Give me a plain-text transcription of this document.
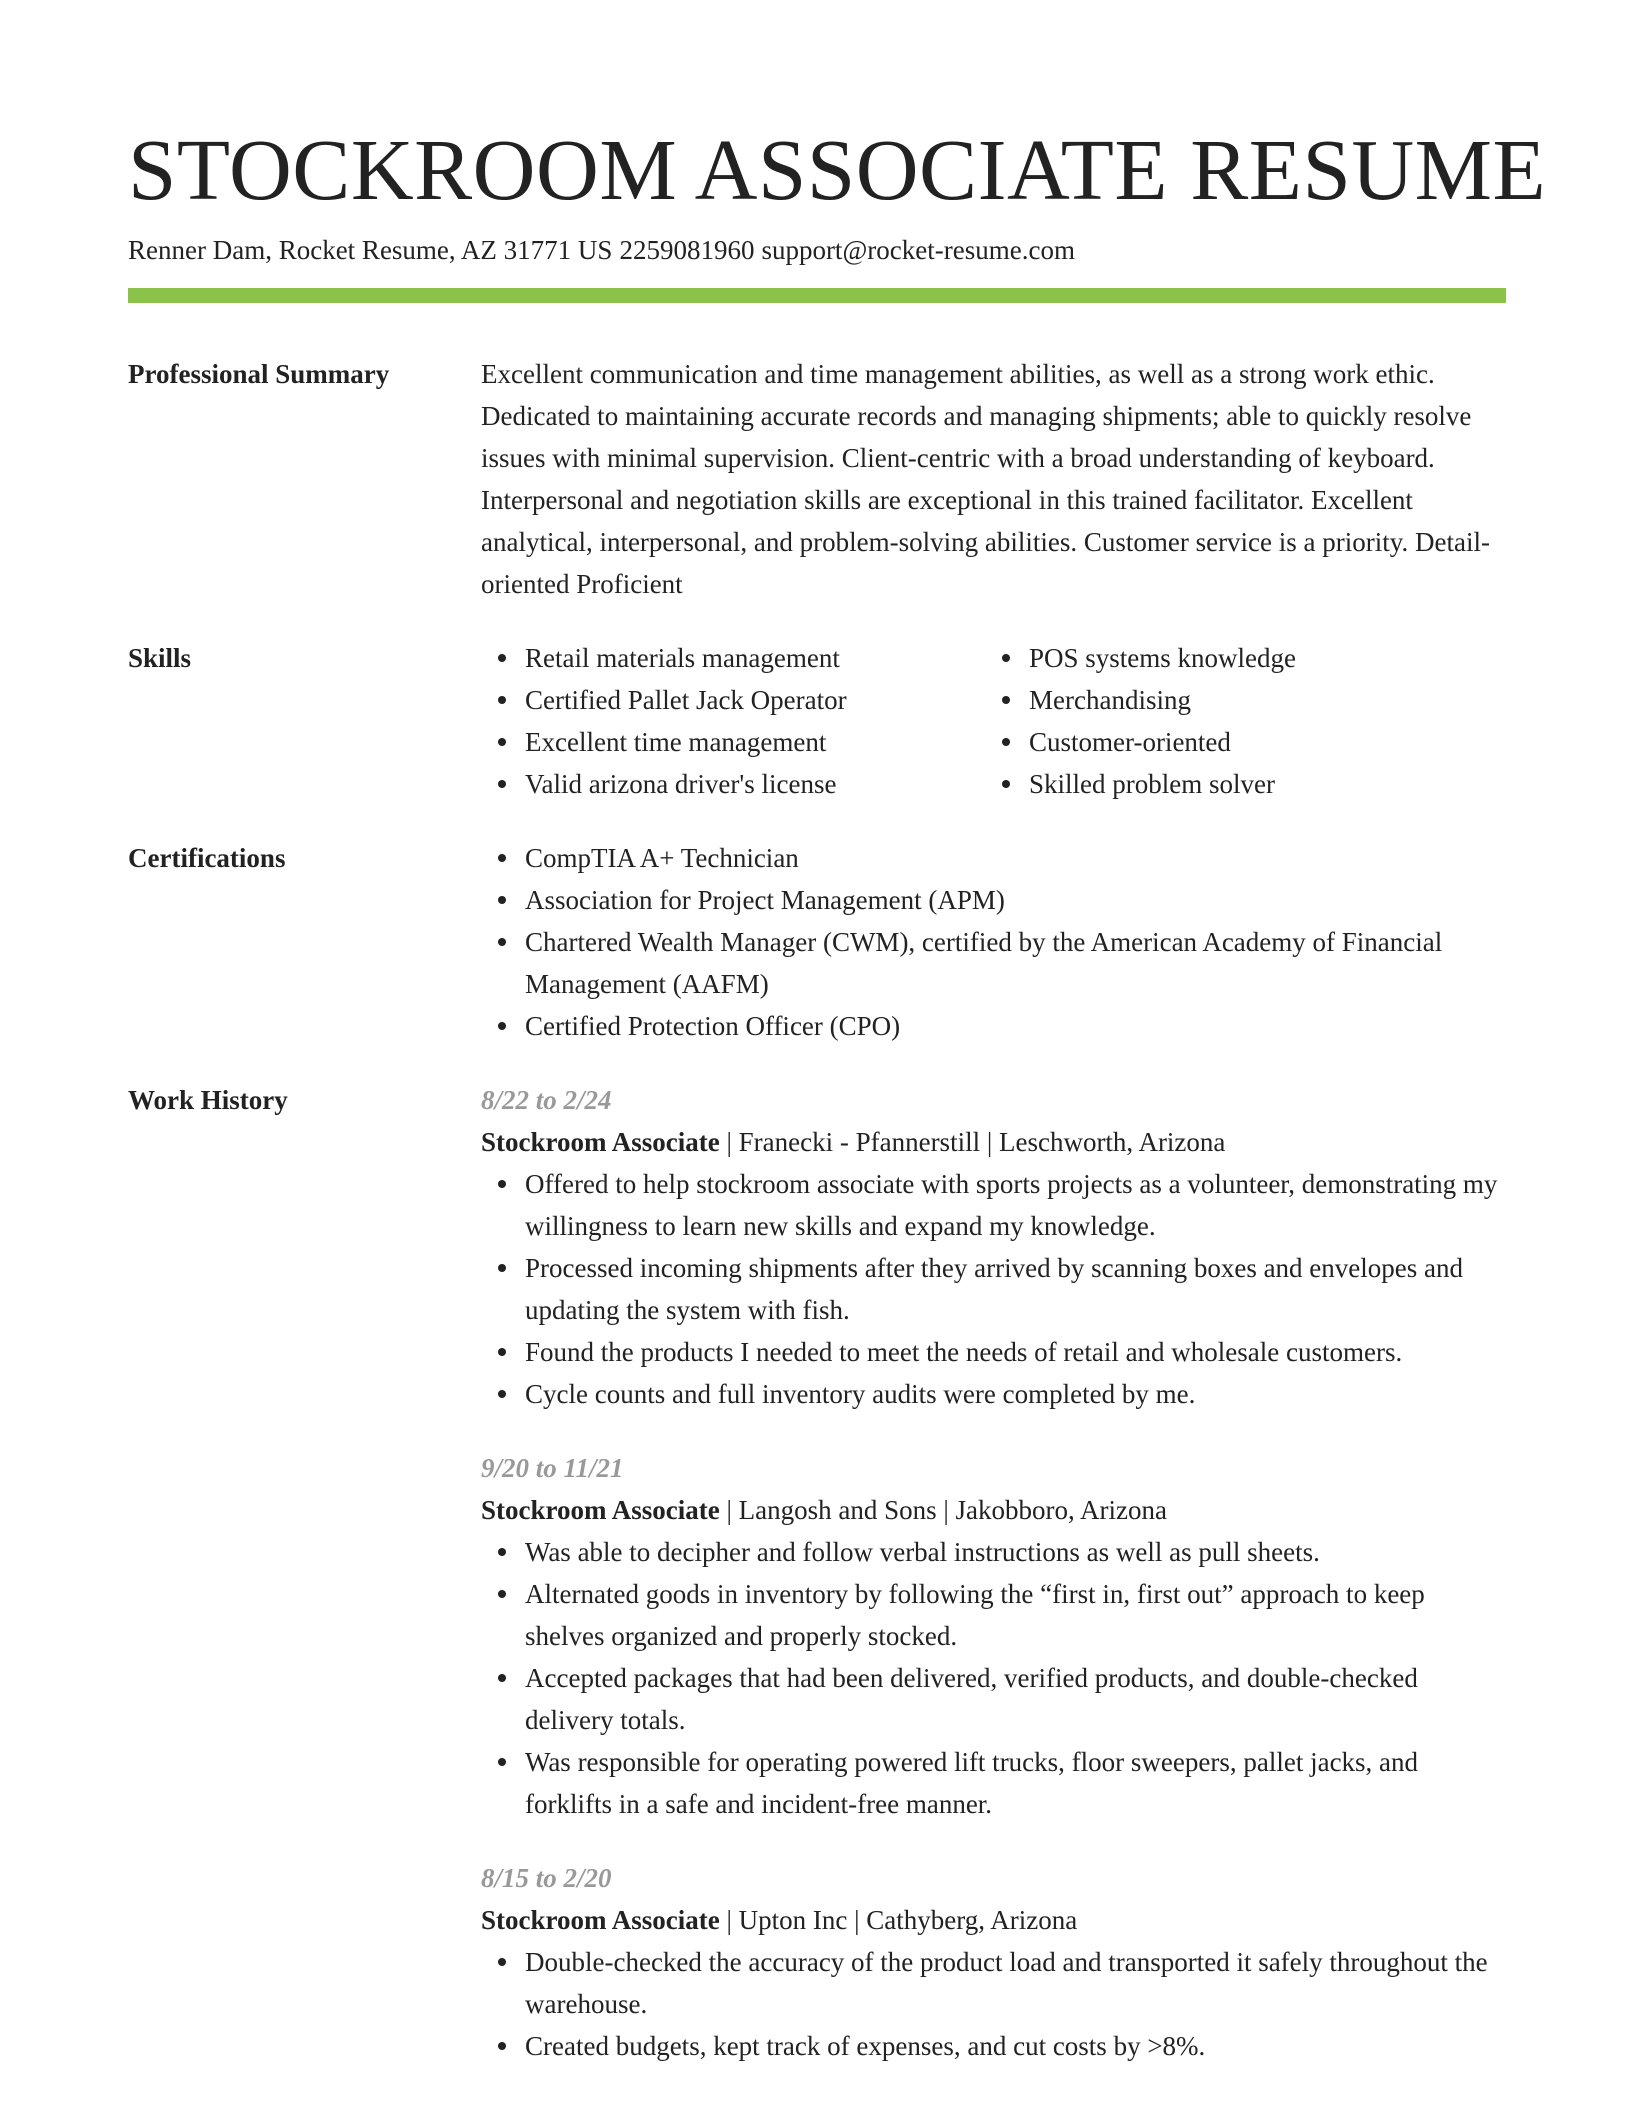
STOCKROOM ASSOCIATE RESUME
Renner Dam, Rocket Resume, AZ 31771 US 2259081960 support@rocket-resume.com
Professional Summary	Excellent communication and time management abilities, as well as a strong work ethic. Dedicated to maintaining accurate records and managing shipments; able to quickly resolve issues with minimal supervision. Client-centric with a broad understanding of keyboard. Interpersonal and negotiation skills are exceptional in this trained facilitator. Excellent analytical, interpersonal, and problem-solving abilities. Customer service is a priority. Detail-oriented Proficient
Skills	Retail materials management
Certified Pallet Jack Operator
Excellent time management
Valid arizona driver's license
POS systems knowledge
Merchandising
Customer-oriented
Skilled problem solver
Certifications	CompTIA A+ Technician
Association for Project Management (APM)
Chartered Wealth Manager (CWM), certified by the American Academy of Financial Management (AAFM)
Certified Protection Officer (CPO)
Work History	8/22 to 2/24
Stockroom Associate | Franecki - Pfannerstill | Leschworth, Arizona
Offered to help stockroom associate with sports projects as a volunteer, demonstrating my willingness to learn new skills and expand my knowledge.
Processed incoming shipments after they arrived by scanning boxes and envelopes and updating the system with fish.
Found the products I needed to meet the needs of retail and wholesale customers.
Cycle counts and full inventory audits were completed by me.
9/20 to 11/21
Stockroom Associate | Langosh and Sons | Jakobboro, Arizona
Was able to decipher and follow verbal instructions as well as pull sheets.
Alternated goods in inventory by following the “first in, first out” approach to keep shelves organized and properly stocked.
Accepted packages that had been delivered, verified products, and double-checked delivery totals.
Was responsible for operating powered lift trucks, floor sweepers, pallet jacks, and forklifts in a safe and incident-free manner.
8/15 to 2/20
Stockroom Associate | Upton Inc | Cathyberg, Arizona
Double-checked the accuracy of the product load and transported it safely throughout the warehouse.
Created budgets, kept track of expenses, and cut costs by >8%.
